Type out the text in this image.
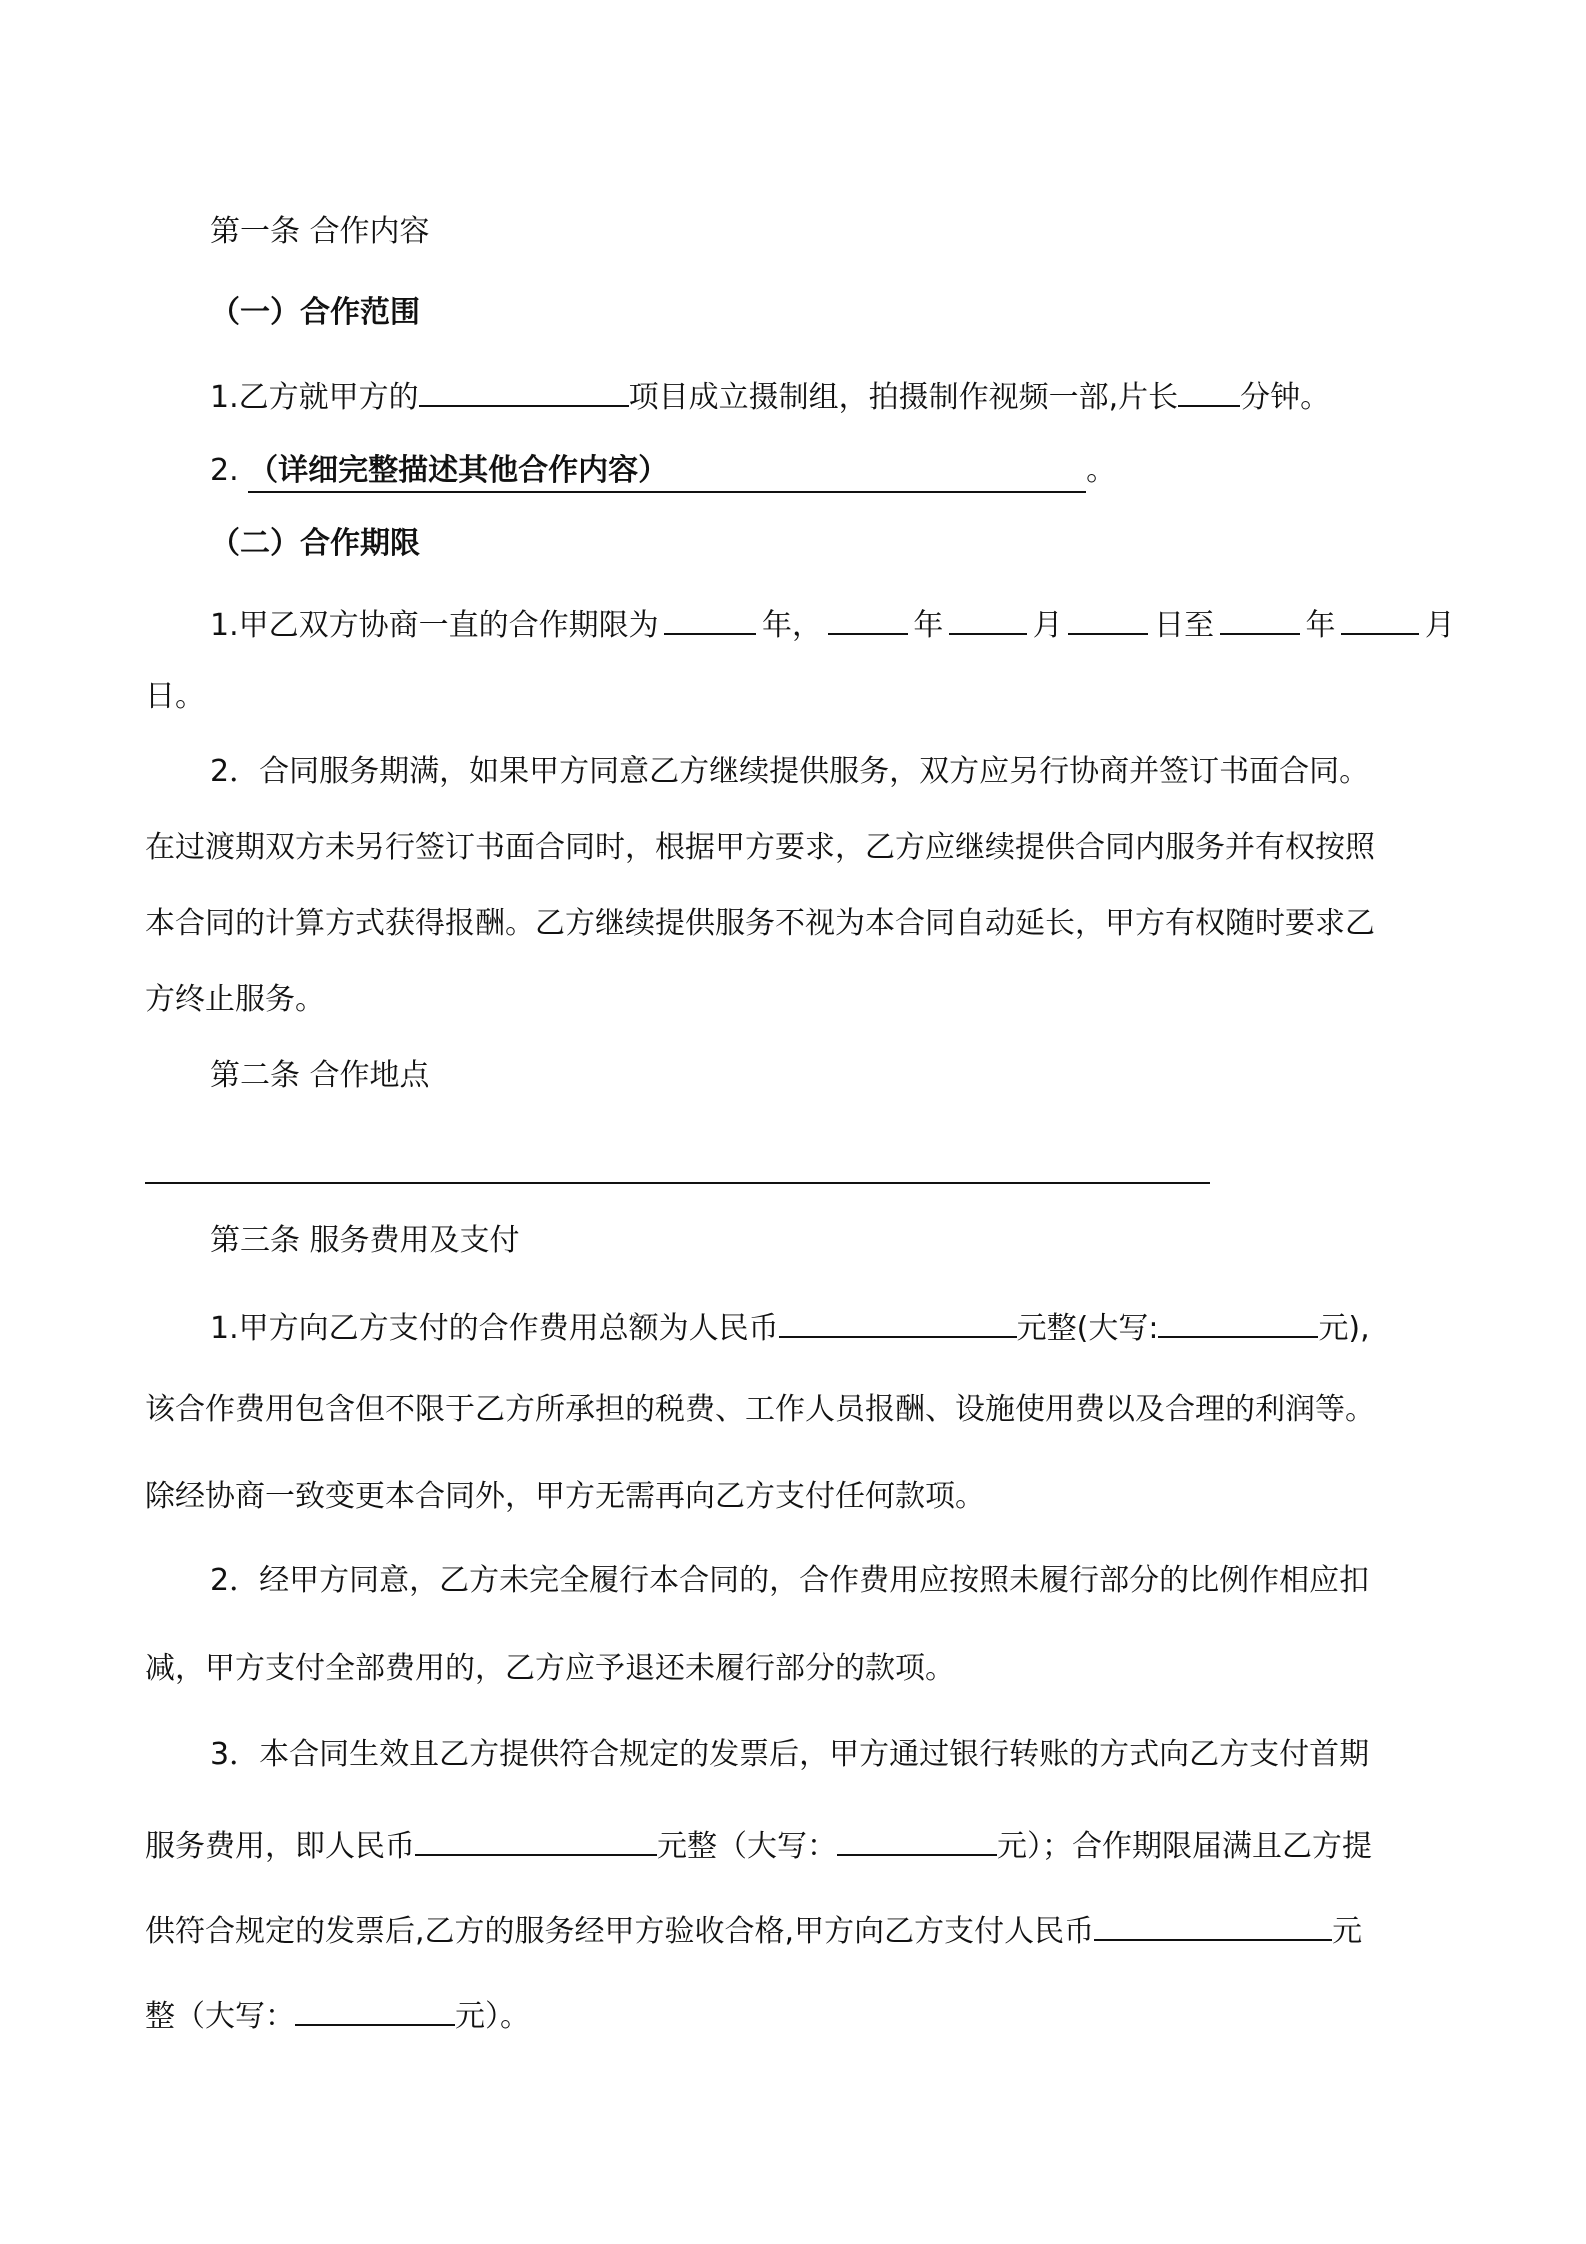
第一条 合作内容

（一）合作范围

1.乙方就甲方的	项目成立摄制组，拍摄制作视频一部,片长 分钟。

2. （详细完整描述其他合作内容）	。

（二）合作期限

1.甲乙双方协商一直的合作期限为	年，	年	月	日至	年	月

日。

2．合同服务期满，如果甲方同意乙方继续提供服务，双方应另行协商并签订书面合同。
在过渡期双方未另行签订书面合同时，根据甲方要求，乙方应继续提供合同内服务并有权按照
本合同的计算方式获得报酬。乙方继续提供服务不视为本合同自动延长，甲方有权随时要求乙
方终止服务。

第二条 合作地点

第三条 服务费用及支付

1.甲方向乙方支付的合作费用总额为人民币	元整(大写:	元),

该合作费用包含但不限于乙方所承担的税费、工作人员报酬、设施使用费以及合理的利润等。

除经协商一致变更本合同外，甲方无需再向乙方支付任何款项。

2．经甲方同意，乙方未完全履行本合同的，合作费用应按照未履行部分的比例作相应扣

减，甲方支付全部费用的，乙方应予退还未履行部分的款项。

3．本合同生效且乙方提供符合规定的发票后，甲方通过银行转账的方式向乙方支付首期

服务费用，即人民币	元整（大写：	元）；合作期限届满且乙方提

供符合规定的发票后,乙方的服务经甲方验收合格,甲方向乙方支付人民币	元

整（大写：	元）。
